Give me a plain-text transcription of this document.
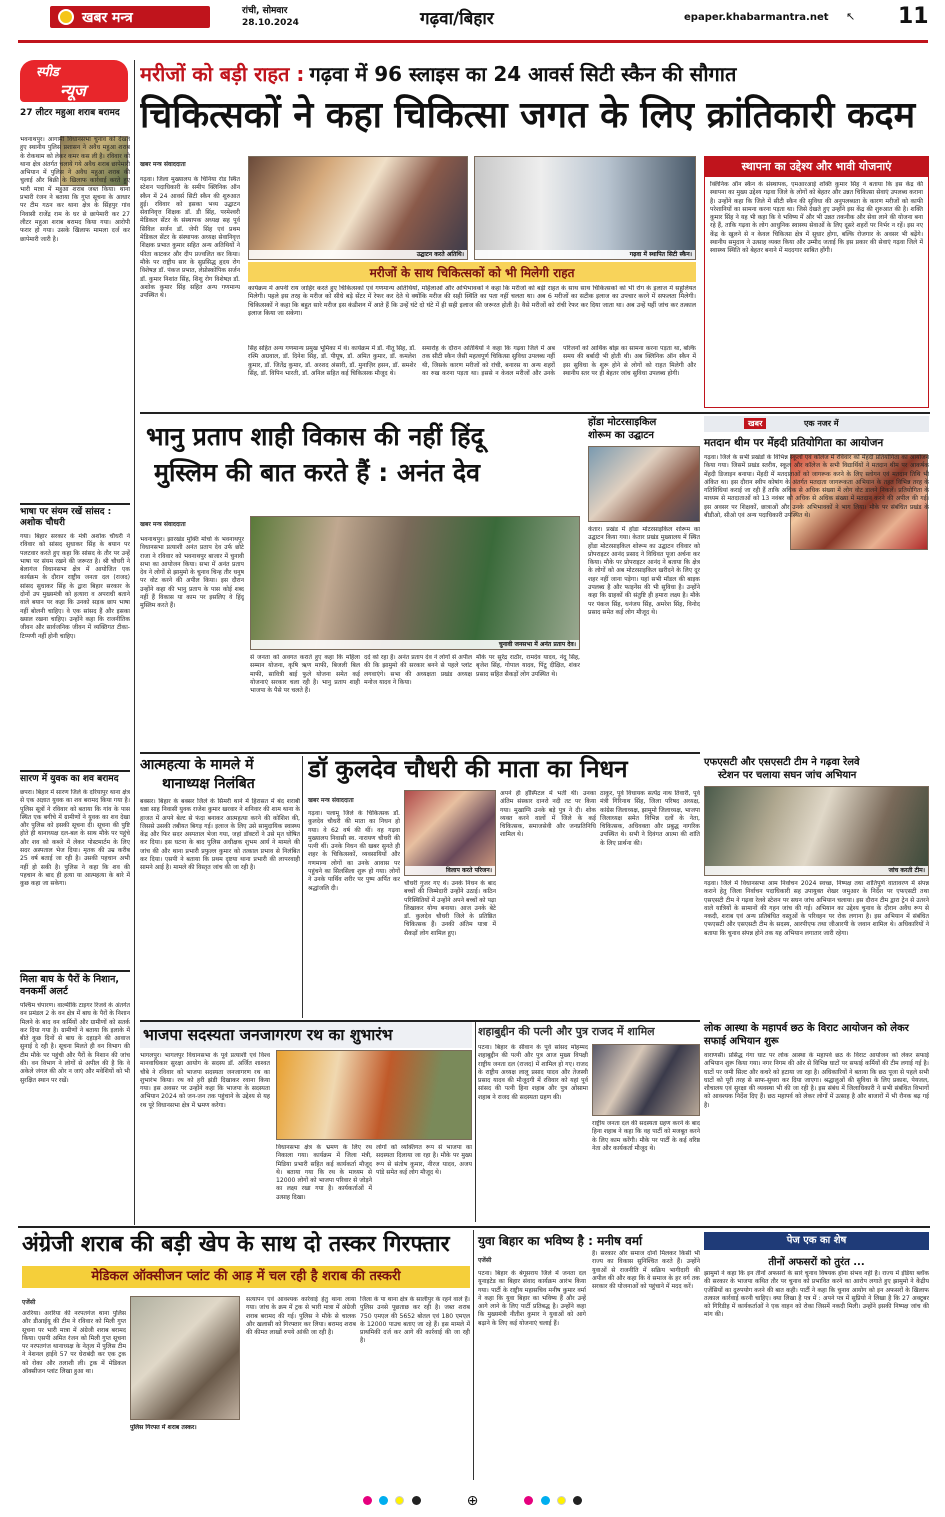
खबर मन्त्र	रांची, सोमवार
28.10.2024	गढ़वा/बिहार	epaper.khabarmantra.net ↖ 11
स्पीड
न्यूज
27 लीटर महुआ शराब बरामद
भवनाथपुर। आगामी विधानसभा चुनाव को देखते हुए स्थानीय पुलिस प्रशासन ने अवैध महुआ शराब के रोकथाम को लेकर कमर कस ली है। रविवार को थाना क्षेत्र अंतर्गत चलाये गये अवैध शराब छापेमारी अभियान में पुलिस ने अवैध महुआ शराब की चुलाई और बिक्री के खिलाफ कार्रवाई करते हुए भारी मात्रा में महुआ शराब जब्त किया। थाना प्रभारी रंजन ने बताया कि गुप्त सूचना के आधार पर टीम गठन कर थाना क्षेत्र के सिंहपुर गांव निवासी राजेंद्र राम के घर से छापेमारी कर 27 लीटर महुआ शराब बरामद किया गया। आरोपी फरार हो गया। उसके खिलाफ मामला दर्ज कर छापेमारी जारी है।
भाषा पर संयम रखें सांसद : अशोक चौधरी
गया। बिहार सरकार के मंत्री अशोक चौधरी ने रविवार को सांसद सुधाकर सिंह के बयान पर पलटवार करते हुए कहा कि सांसद के तौर पर उन्हें भाषा पर संयम रखने की जरूरत है। श्री चौधरी ने बेलागंज विधानसभा क्षेत्र में आयोजित एक कार्यक्रम के दौरान राष्ट्रीय जनता दल (राजद) सांसद सुधाकर सिंह के द्वारा बिहार सरकार के दोनों उप मुख्यमंत्री को हत्यारा व अपराधी बताने वाले बयान पर कहा कि उनको सड़क छाप भाषा नहीं बोलनी चाहिए। वे एक सांसद हैं और इसका ख्याल रखना चाहिए। उन्होंने कहा कि राजनीतिक जीवन और सार्वजनिक जीवन में व्यक्तिगत टीका-टिप्पणी नहीं होनी चाहिए।
सारण में युवक का शव बरामद
छपरा। बिहार में सारण जिले के दरियापुर थाना क्षेत्र से एक अज्ञात युवक का शव बरामद किया गया है। पुलिस सूत्रों ने रविवार को बताया कि गांव के पास स्थित एक बगीचे में ग्रामीणों ने युवक का शव देखा और पुलिस को इसकी सूचना दी। सूचना की पुष्टि होते ही थानाध्यक्ष दल-बल के साथ मौके पर पहुंचे और शव को कब्जे में लेकर पोस्टमार्टम के लिए सदर अस्पताल भेज दिया। मृतक की उम्र करीब 25 वर्ष बताई जा रही है। उसकी पहचान अभी नहीं हो सकी है। पुलिस ने कहा कि शव की पहचान के बाद ही हत्या या आत्महत्या के बारे में कुछ कहा जा सकेगा।
मिला बाघ के पैरों के निशान, वनकर्मी अलर्ट
पश्चिम चंपारण। वाल्मीकि टाइगर रिजर्व के अंतर्गत वन प्रमंडल 2 के वन क्षेत्र में बाघ के पैरों के निशान मिलने के बाद वन कर्मियों और ग्रामीणों को सतर्क कर दिया गया है। ग्रामीणों ने बताया कि इलाके में बीते कुछ दिनों से बाघ के दहाड़ने की आवाज सुनाई दे रही है। सूचना मिलते ही वन विभाग की टीम मौके पर पहुंची और पैरों के निशान की जांच की। वन विभाग ने लोगों से अपील की है कि वे अकेले जंगल की ओर न जाएं और मवेशियों को भी सुरक्षित स्थान पर रखें।
मरीजों को बड़ी राहत : गढ़वा में 96 स्लाइस का 24 आवर्स सिटी स्कैन की सौगात
चिकित्सकों ने कहा चिकित्सा जगत के लिए क्रांतिकारी कदम
खबर मन्त्र संवाददाता
गढ़वा। जिला मुख्यालय के चिनिया रोड स्थित स्टेशन पदाधिकारी के समीप क्लिनिक ऑन स्कैन में 24 आवर्स सिटी स्कैन की शुरुआत हुई। रविवार को इसका भव्य उद्घाटन सेवानिवृत्त शिक्षक डॉ. डी सिंह, परमेश्वरी मेडिकल सेंटर के संस्थापक अध्यक्ष सह पूर्व सिविल सर्जन डॉ. जेपी सिंह एवं प्रथम मेडिकल सेंटर के संस्थापक अध्यक्ष सेवानिवृत्त शिक्षक प्रभात कुमार सहित अन्य अतिथियों ने फीता काटकर और दीप प्रज्वलित कर किया। मौके पर राष्ट्रीय सार के सुप्रसिद्ध हृदय रोग विशेषज्ञ डॉ. पंकज प्रभात, लेप्रोस्कोपिक सर्जन डॉ. कुमार निशांत सिंह, शिशु रोग विशेषज्ञ डॉ. अशोक कुमार सिंह सहित अन्य गणमान्य उपस्थित थे।
उद्घाटन करते अतिथि।	गढ़वा में स्थापित सिटी स्कैन।
मरीजों के साथ चिकित्सकों को भी मिलेगी राहत
कार्यक्रम में अपनी राय जाहिर करते हुए चिकित्सकों एवं गणमान्य अतिथियों, महिलाओं और अभिभावकों ने कहा कि मरीजों को बड़ी राहत के साथ साथ चिकित्सकों को भी रोग के इलाज में सहूलियत मिलेगी। पहले इस तरह के मरीज को सीधे बड़े सेंटर में रेफर कर देते थे क्योंकि मरीज की सही स्थिति का पता नहीं चलता था। अब 6 मरीजों का सटीक इलाज का उपचार करने में सफलता मिलेगी। चिकित्सकों ने कहा कि बहुत सारे मरीज इस कंडीशन में आते हैं कि उन्हें घंटे दो घंटे में ही सही इलाज की जरूरत होती है। वैसे मरीजों को रांची रेफर कर दिया जाता था। अब उन्हें यहीं जांच कर तत्काल इलाज किया जा सकेगा।
सिंह सहित अन्य गणमान्य प्रमुख भूमिका में थे। कार्यक्रम में डॉ. नीतू सिंह, डॉ. रश्मि अग्रवाल, डॉ. दिनेश सिंह, डॉ. पीयूष, डॉ. अमित कुमार, डॉ. कमलेश कुमार, डॉ. जितेंद्र कुमार, डॉ. अरशद अंसारी, डॉ. मुनाज़िर हसन, डॉ. समशेर सिंह, डॉ. विपिन भारती, डॉ. अनिल सहित कई चिकित्सक मौजूद थे।
समारोह के दौरान अतिथियों ने कहा कि गढ़वा जिले में अब तक सीटी स्कैन जैसी महत्वपूर्ण चिकित्सा सुविधा उपलब्ध नहीं थी, जिसके कारण मरीजों को रांची, बनारस या अन्य शहरों का रुख करना पड़ता था। इससे न केवल मरीजों और उनके परिजनों को आर्थिक बोझ का सामना करना पड़ता था, बल्कि समय की बर्बादी भी होती थी। अब क्लिनिक ऑन स्कैन में इस सुविधा के शुरू होने से लोगों को राहत मिलेगी और स्थानीय स्तर पर ही बेहतर जांच सुविधा उपलब्ध होगी।
स्थापना का उद्देश्य और भावी योजनाएं
क्लिनिक ऑन स्कैन के संस्थापक, एमआरआई शक्ति कुमार सिंह ने बताया कि इस केंद्र की स्थापना का मुख्य उद्देश्य गढ़वा जिले के लोगों को बेहतर और उन्नत चिकित्सा सेवाएं उपलब्ध कराना है। उन्होंने कहा कि जिले में सीटी स्कैन की सुविधा की अनुपलब्धता के कारण मरीजों को काफी परेशानियों का सामना करना पड़ता था। जिसे देखते हुए उन्होंने इस केंद्र की शुरुआत की है। शक्ति कुमार सिंह ने यह भी कहा कि वे भविष्य में और भी उन्नत तकनीक और सेवा लाने की योजना बना रहे हैं, ताकि गढ़वा के लोग आधुनिक स्वास्थ्य सेवाओं के लिए दूसरे शहरों पर निर्भर न रहें। इस नए केंद्र के खुलने से न केवल चिकित्सा क्षेत्र में सुधार होगा, बल्कि रोजगार के अवसर भी बढ़ेंगे। स्थानीय समुदाय ने उत्साह व्यक्त किया और उम्मीद जताई कि इस प्रकार की सेवाएं गढ़वा जिले में स्वास्थ्य स्थिति को बेहतर बनाने में मददगार साबित होंगी।
भानु प्रताप शाही विकास की नहीं हिंदू
मुस्लिम की बात करते हैं : अनंत देव
खबर मन्त्र संवाददाता
भवनाथपुर। झारखंड मुक्ति मोर्चा के भवनाथपुर विधानसभा प्रत्याशी अनंत प्रताप देव उर्फ छोटे राजा ने रविवार को भवनाथपुर बाजार में चुनावी सभा का आयोजन किया। सभा में अनंत प्रताप देव ने लोगों से झामुमो के चुनाव चिन्ह तीर धनुष पर वोट करने की अपील किया। इस दौरान उन्होंने कहा की भानु प्रताप के पास कोई शब्द नहीं हैं विकास या काम पर इसलिए वे हिंदू मुस्लिम करते हैं।
चुनावी जनसभा में अनंत प्रताप देव।
से जनता को अवगत कराते हुए कहा कि महिला सम्मान योजना, कृषि ऋण माफी, बिजली बिल माफी, सावित्री बाई फुले योजना समेत कई योजनाएं सरकार चला रही है। भानु प्रताप शाही भाजपा के पैसे पर चलते हैं।
दर्द को रहा है। अनंत प्रताप देव ने लोगों से अपील की कि झामुमो की सरकार बनने से पहले प्लांट लगवाएंगे। सभा की अध्यक्षता प्रखंड अध्यक्ष मनोज यादव ने किया।
मौके पर सुरेंद्र राठौर, रामदेव यादव, नंदू सिंह, बृजेश सिंह, गोपाल यादव, पिंटू दीक्षित, शंकर प्रसाद सहित सैकड़ों लोग उपस्थित थे।
होंडा मोटरसाइकिल
शोरूम का उद्घाटन
केतार। प्रखंड में होंडा मोटरसाइकिल शोरूम का उद्घाटन किया गया। केतार प्रखंड मुख्यालय में स्थित होंडा मोटरसाइकिल शोरूम का उद्घाटन रविवार को प्रोपराइटर आनंद प्रसाद ने विधिवत पूजा अर्चना कर किया। मौके पर प्रोपराइटर आनंद ने बताया कि क्षेत्र के लोगों को अब मोटरसाइकिल खरीदने के लिए दूर शहर नहीं जाना पड़ेगा। यहां सभी मॉडल की बाइक उपलब्ध है और फाइनेंस की भी सुविधा है। उन्होंने कहा कि ग्राहकों की संतुष्टि ही हमारा लक्ष्य है। मौके पर पंकज सिंह, धनंजय सिंह, अमरेश सिंह, विनोद प्रसाद समेत कई लोग मौजूद थे।
खबर	एक नजर में
मतदान थीम पर मेंहदी प्रतियोगिता का आयोजन
गढ़वा। जिले के सभी प्रखंडों के विभिन्न स्कूलों एवं कॉलेज में रविवार को मेंहदी प्रतियोगिता का आयोजन किया गया। जिसमें प्रखंड स्तरीय, स्कूल और कॉलेज के सभी विद्यार्थियों ने मतदान थीम पर आकर्षक मेंहदी डिजाइन बनाया। मेंहदी में मतदाताओं को जागरूक करने के लिए स्लोगन एवं मतदान तिथि भी अंकित था। इस दौरान स्वीप कोषांग के अंतर्गत मतदाता जागरूकता अभियान के तहत विभिन्न तरह के गतिविधियां कराई जा रही हैं ताकि अधिक से अधिक संख्या में लोग वोट डालने निकलें। प्रतियोगिता के माध्यम से मतदाताओं को 13 नवंबर को अधिक से अधिक संख्या में मतदान करने की अपील की गई। इस अवसर पर शिक्षकों, छात्राओं और उनके अभिभावकों ने भाग लिया। मौके पर संबंधित प्रखंड के बीडीओ, सीओ एवं अन्य पदाधिकारी उपस्थित थे।
आत्महत्या के मामले में
थानाध्यक्ष निलंबित
बक्सर। बिहार के बक्सर जिले के सिमरी थाने में हिरासत में बंद शराबी धन्ना साह निवासी युवक राजेश कुमार खरवार ने शनिवार की शाम थाना के हाजत में अपने बेल्ट से फंदा बनाकर आत्महत्या करने की कोशिश की, जिससे उसकी तबीयत बिगड़ गई। इलाज के लिए उसे सामुदायिक स्वास्थ्य केंद्र और फिर सदर अस्पताल भेजा गया, जहां डॉक्टरों ने उसे मृत घोषित कर दिया। इस घटना के बाद पुलिस अधीक्षक शुभम आर्य ने मामले की जांच की और थाना प्रभारी प्रफुल्ल कुमार को तत्काल प्रभाव से निलंबित कर दिया। एसपी ने बताया कि प्रथम दृष्टया थाना प्रभारी की लापरवाही सामने आई है। मामले की विस्तृत जांच की जा रही है।
डॉ कुलदेव चौधरी की माता का निधन
खबर मन्त्र संवाददाता
गढ़वा। पलामू जिले के चिकित्सक डॉ. कुलदेव चौधरी की माता का निधन हो गया। वे 62 वर्ष की थीं। वह गढ़वा मुख्यालय निवासी स्व. नारायण चौधरी की पत्नी थीं। उनके निधन की खबर सुनते ही शहर के चिकित्सकों, व्यवसायियों और गणमान्य लोगों का उनके आवास पर पहुंचने का सिलसिला शुरू हो गया। लोगों ने उनके पार्थिव शरीर पर पुष्प अर्पित कर श्रद्धांजलि दी।
विलाप करते परिजन।
चौधरी गुजर गए थे। उनके निधन के बाद बच्चों की जिम्मेदारी उन्होंने उठाई। कठिन परिस्थितियों में उन्होंने अपने बच्चों को पढ़ा लिखाकर योग्य बनाया। आज उनके बेटे डॉ. कुलदेव चौधरी जिले के प्रतिष्ठित चिकित्सक हैं। उनकी अंतिम यात्रा में सैकड़ों लोग शामिल हुए।
अपने ही हॉस्पिटल में भर्ती थीं। उनका अंतिम संस्कार दानरो नदी तट पर किया गया। मुखाग्नि उनके बड़े पुत्र ने दी। शोक व्यक्त करने वालों में जिले के कई चिकित्सक, समाजसेवी और जनप्रतिनिधि शामिल थे।
ठाकुर, पूर्व विधायक सत्येंद्र नाथ तिवारी, पूर्व मंत्री गिरिनाथ सिंह, जिला परिषद अध्यक्ष, कांग्रेस जिलाध्यक्ष, झामुमो जिलाध्यक्ष, भाजपा जिलाध्यक्ष समेत विभिन्न दलों के नेता, चिकित्सक, अधिवक्ता और प्रबुद्ध नागरिक उपस्थित थे। सभी ने दिवंगत आत्मा की शांति के लिए प्रार्थना की।
एफएसटी और एसएसटी टीम ने गढ़वा रेलवे
स्टेशन पर चलाया सघन जांच अभियान
जांच करती टीम।
गढ़वा। जिले में विधानसभा आम निर्वाचन 2024 स्वच्छ, निष्पक्ष तथा शांतिपूर्ण वातावरण में संपन्न कराने हेतु जिला निर्वाचन पदाधिकारी सह उपायुक्त शेखर जमुआर के निर्देश पर एफएसटी तथा एसएसटी टीम ने गढ़वा रेलवे स्टेशन पर सघन जांच अभियान चलाया। इस दौरान टीम द्वारा ट्रेन से उतरने वाले यात्रियों के सामानों की गहन जांच की गई। अभियान का उद्देश्य चुनाव के दौरान अवैध रूप से नकदी, शराब एवं अन्य प्रतिबंधित वस्तुओं के परिवहन पर रोक लगाना है। इस अभियान में संबंधित एफएसटी और एसएसटी टीम के सदस्य, आरपीएफ तथा जीआरपी के जवान शामिल थे। अधिकारियों ने बताया कि चुनाव संपन्न होने तक यह अभियान लगातार जारी रहेगा।
भाजपा सदस्यता जनजागरण रथ का शुभारंभ
भागलपुर। भागलपुर विधानसभा के पूर्व प्रत्याशी एवं विश्व मानवाधिकार सुरक्षा आयोग के सदस्य डॉ. अर्जित शाश्वत चौबे ने रविवार को भाजपा सदस्यता जनजागरण रथ का शुभारंभ किया। रथ को हरी झंडी दिखाकर रवाना किया गया। इस अवसर पर उन्होंने कहा कि भाजपा के सदस्यता अभियान 2024 को जन-जन तक पहुंचाने के उद्देश्य से यह रथ पूरे विधानसभा क्षेत्र में भ्रमण करेगा।
विधानसभा क्षेत्र के भ्रमण के लिए रथ निकाला गया। कार्यक्रम में जिला मंत्री, मिडिया प्रभारी सहित कई कार्यकर्ता मौजूद थे। बताया गया कि रथ के माध्यम से 12000 लोगों को भाजपा परिवार से जोड़ने का लक्ष्य रखा गया है। कार्यकर्ताओं में उत्साह दिखा।
लोगों को व्यक्तिगत रूप से भाजपा का सदस्यता दिलाया जा रहा है। मौके पर मुख्य रूप से संतोष कुमार, नीरज यादव, अजय पांडे समेत कई लोग मौजूद थे।
शहाबुद्दीन की पत्नी और पुत्र राजद में शामिल
पटना। बिहार के सीवान के पूर्व सांसद मोहम्मद शहाबुद्दीन की पत्नी और पुत्र आज मुख्य विपक्षी राष्ट्रीय जनता दल (राजद) में शामिल हो गए। राजद के राष्ट्रीय अध्यक्ष लालू प्रसाद यादव और तेजस्वी प्रसाद यादव की मौजूदगी में रविवार को यहां पूर्व सांसद की पत्नी हिना शहाब और पुत्र ओसामा शहाब ने राजद की सदस्यता ग्रहण की।
राष्ट्रीय जनता दल की सदस्यता ग्रहण करने के बाद हिना शहाब ने कहा कि वह पार्टी को मजबूत करने के लिए काम करेंगी। मौके पर पार्टी के कई वरिष्ठ नेता और कार्यकर्ता मौजूद थे।
लोक आस्था के महापर्व छठ के विराट आयोजन को लेकर सफाई अभियान शुरू
वाराणसी। प्रसिद्ध गंगा घाट पर लोक आस्था के महापर्व छठ के विराट आयोजन को लेकर सफाई अभियान शुरू किया गया। नगर निगम की ओर से विभिन्न घाटों पर सफाई कर्मियों की टीम लगाई गई है। घाटों पर जमी सिल्ट और कचरे को हटाया जा रहा है। अधिकारियों ने बताया कि छठ पूजा से पहले सभी घाटों को पूरी तरह से साफ-सुथरा कर दिया जाएगा। श्रद्धालुओं की सुविधा के लिए प्रकाश, पेयजल, शौचालय एवं सुरक्षा की व्यवस्था भी की जा रही है। इस संबंध में जिलाधिकारी ने सभी संबंधित विभागों को आवश्यक निर्देश दिए हैं। छठ महापर्व को लेकर लोगों में उत्साह है और बाजारों में भी रौनक बढ़ गई है।
अंग्रेजी शराब की बड़ी खेप के साथ दो तस्कर गिरफ्तार
मेडिकल ऑक्सीजन प्लांट की आड़ में चल रही है शराब की तस्करी
एजेंसी
अररिया। अररिया की नरपतगंज थाना पुलिस और डीआईयू की टीम ने रविवार को मिली गुप्त सूचना पर भारी मात्रा में अंग्रेजी शराब बरामद किया। एसपी अमित रंजन को मिली गुप्त सूचना पर नरपतगंज थानाध्यक्ष के नेतृत्व में पुलिस टीम ने नेशनल हाईवे 57 पर घेराबंदी कर एक ट्रक को रोका और तलाशी ली। ट्रक में मेडिकल ऑक्सीजन प्लांट लिखा हुआ था।
पुलिस गिरफ्त में शराब तस्कर।
सत्यापन एवं आवश्यक कार्रवाई हेतु थाना लाया गया। जांच के क्रम में ट्रक से भारी मात्रा में अंग्रेजी शराब बरामद की गई। पुलिस ने मौके से चालक और खलासी को गिरफ्तार कर लिया। बरामद शराब की कीमत लाखों रुपये आंकी जा रही है।
जिला के पा थाना क्षेत्र के सालीपुर के रहने वाले हैं। पुलिस उनसे पूछताछ कर रही है। जब्त शराब 750 एमएल की 5652 बोतल एवं 180 एमएल के 12000 पाउच बताए जा रहे हैं। इस मामले में प्राथमिकी दर्ज कर आगे की कार्रवाई की जा रही है।
युवा बिहार का भविष्य है : मनीष वर्मा
एजेंसी
पटना। बिहार के बेगूसराय जिले में जनता दल यूनाइटेड का बिहार संवाद कार्यक्रम आरंभ किया गया। पार्टी के राष्ट्रीय महासचिव मनीष कुमार वर्मा ने कहा कि युवा बिहार का भविष्य हैं और उन्हें आगे लाने के लिए पार्टी प्रतिबद्ध है। उन्होंने कहा कि मुख्यमंत्री नीतीश कुमार ने युवाओं को आगे बढ़ाने के लिए कई योजनाएं चलाई हैं।
है। सरकार और समाज दोनों मिलकर किसी भी राज्य का विकास सुनिश्चित करते हैं। उन्होंने युवाओं से राजनीति में सक्रिय भागीदारी की अपील की और कहा कि वे समाज के हर वर्ग तक सरकार की योजनाओं को पहुंचाने में मदद करें।
पेज एक का शेष
तीनों अफसरों को तुरंत ...
झामुमो ने कहा कि इन तीनों अफसरों के सारे चुनाव विषयक होना संभव नहीं है। राज्य में इंडिया ब्लॉक की सरकार के भाजपा कथित तौर पर चुनाव को प्रभावित करने का आरोप लगाते हुए झामुमो ने केंद्रीय एजेंसियों का दुरुपयोग करने की बात कही। पार्टी ने कहा कि चुनाव आयोग को इन अफसरों के खिलाफ तत्काल कार्रवाई करनी चाहिए। क्या लिखा है पत्र में : अपने पत्र में सुप्रियो ने लिखा है कि 27 अक्टूबर को गिरिडीह में कार्यकर्ताओं ने एक वाहन को रोका जिसमें नकदी मिली। उन्होंने इसकी निष्पक्ष जांच की मांग की।
⊕
